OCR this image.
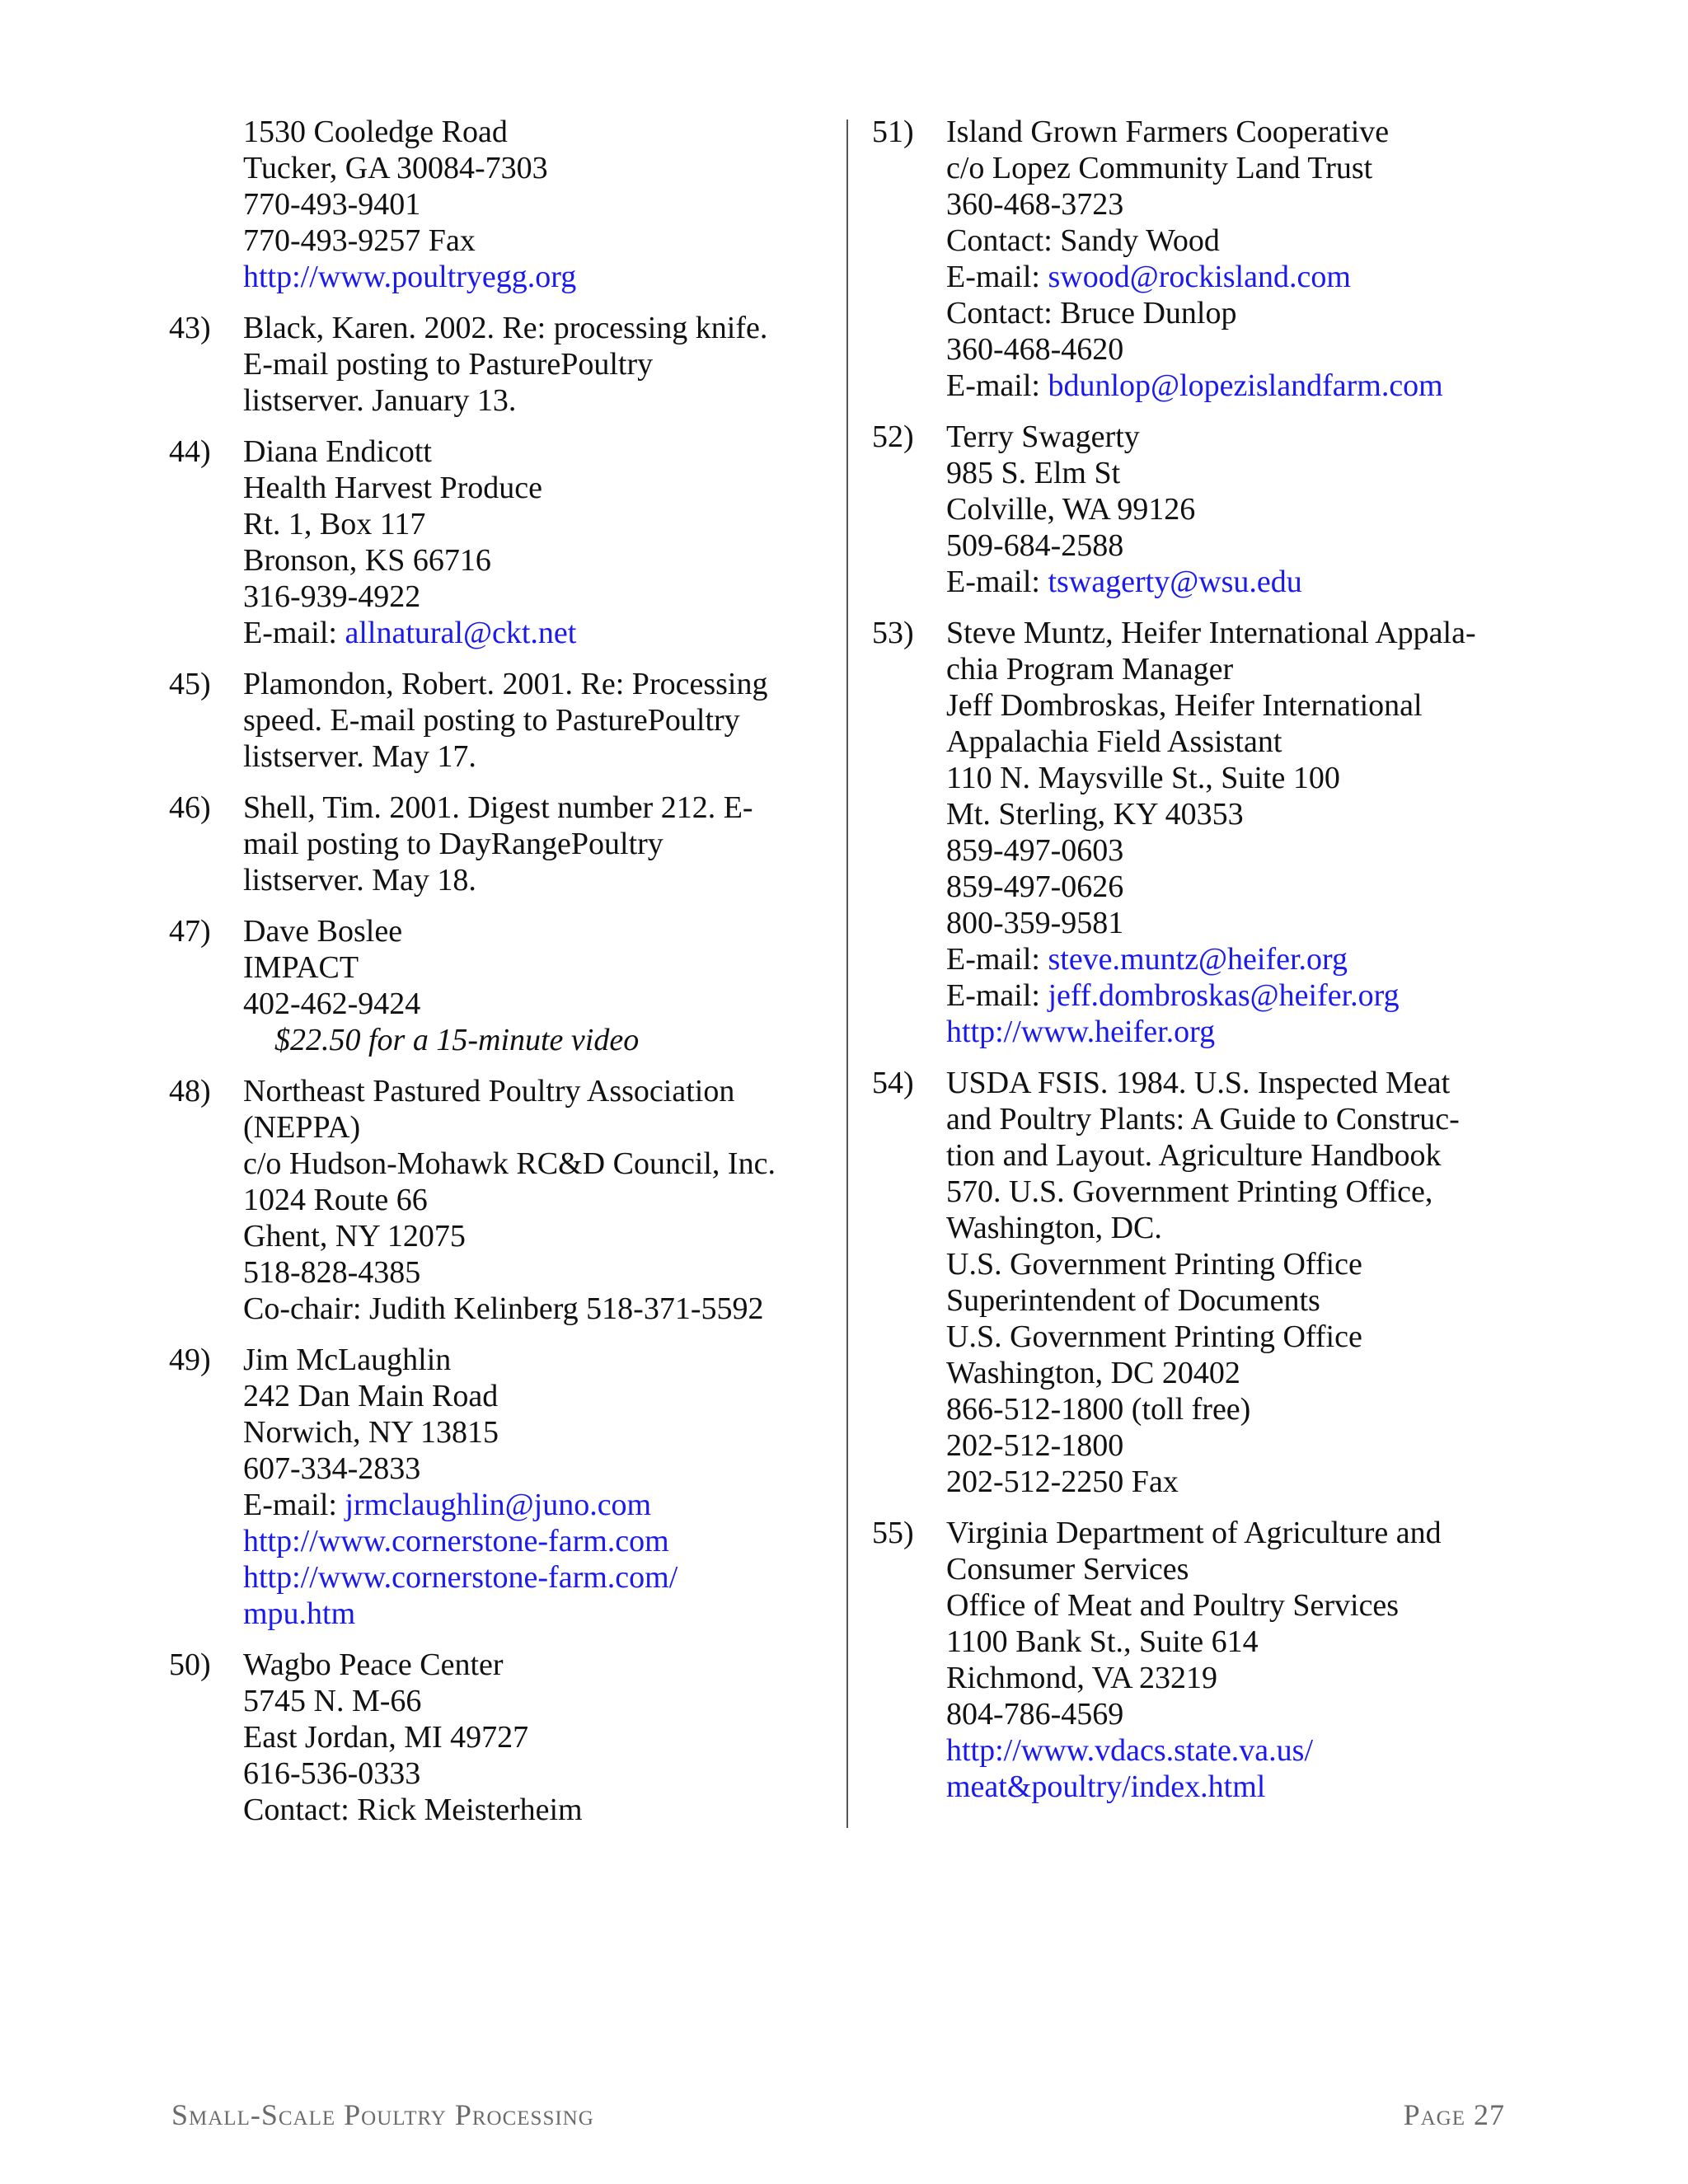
1530 Cooledge Road
Tucker, GA 30084-7303
770-493-9401
770-493-9257 Fax
http://www.poultryegg.org
43)	Black, Karen. 2002. Re: processing knife.
E-mail posting to PasturePoultry
listserver. January 13.
44)	Diana Endicott
Health Harvest Produce
Rt. 1, Box 117
Bronson, KS 66716
316-939-4922
E-mail: allnatural@ckt.net
45)	Plamondon, Robert. 2001. Re: Processing
speed. E-mail posting to PasturePoultry
listserver. May 17.
46)	Shell, Tim. 2001. Digest number 212. E-
mail posting to DayRangePoultry
listserver. May 18.
47)	Dave Boslee
IMPACT
402-462-9424
$22.50 for a 15-minute video
48)	Northeast Pastured Poultry Association
(NEPPA)
c/o Hudson-Mohawk RC&D Council, Inc.
1024 Route 66
Ghent, NY 12075
518-828-4385
Co-chair: Judith Kelinberg 518-371-5592
49)	Jim McLaughlin
242 Dan Main Road
Norwich, NY 13815
607-334-2833
E-mail: jrmclaughlin@juno.com
http://www.cornerstone-farm.com
http://www.cornerstone-farm.com/
mpu.htm
50)	Wagbo Peace Center
5745 N. M-66
East Jordan, MI 49727
616-536-0333
Contact: Rick Meisterheim
51)	Island Grown Farmers Cooperative
c/o Lopez Community Land Trust
360-468-3723
Contact: Sandy Wood
E-mail: swood@rockisland.com
Contact: Bruce Dunlop
360-468-4620
E-mail: bdunlop@lopezislandfarm.com
52)	Terry Swagerty
985 S. Elm St
Colville, WA 99126
509-684-2588
E-mail: tswagerty@wsu.edu
53)	Steve Muntz, Heifer International Appala-
chia Program Manager
Jeff Dombroskas, Heifer International
Appalachia Field Assistant
110 N. Maysville St., Suite 100
Mt. Sterling, KY 40353
859-497-0603
859-497-0626
800-359-9581
E-mail: steve.muntz@heifer.org
E-mail: jeff.dombroskas@heifer.org
http://www.heifer.org
54)	USDA FSIS. 1984. U.S. Inspected Meat
and Poultry Plants: A Guide to Construc-
tion and Layout. Agriculture Handbook
570. U.S. Government Printing Office,
Washington, DC.
U.S. Government Printing Office
Superintendent of Documents
U.S. Government Printing Office
Washington, DC 20402
866-512-1800 (toll free)
202-512-1800
202-512-2250 Fax
55)	Virginia Department of Agriculture and
Consumer Services
Office of Meat and Poultry Services
1100 Bank St., Suite 614
Richmond, VA 23219
804-786-4569
http://www.vdacs.state.va.us/
meat&poultry/index.html
Small-Scale Poultry Processing	Page 27
